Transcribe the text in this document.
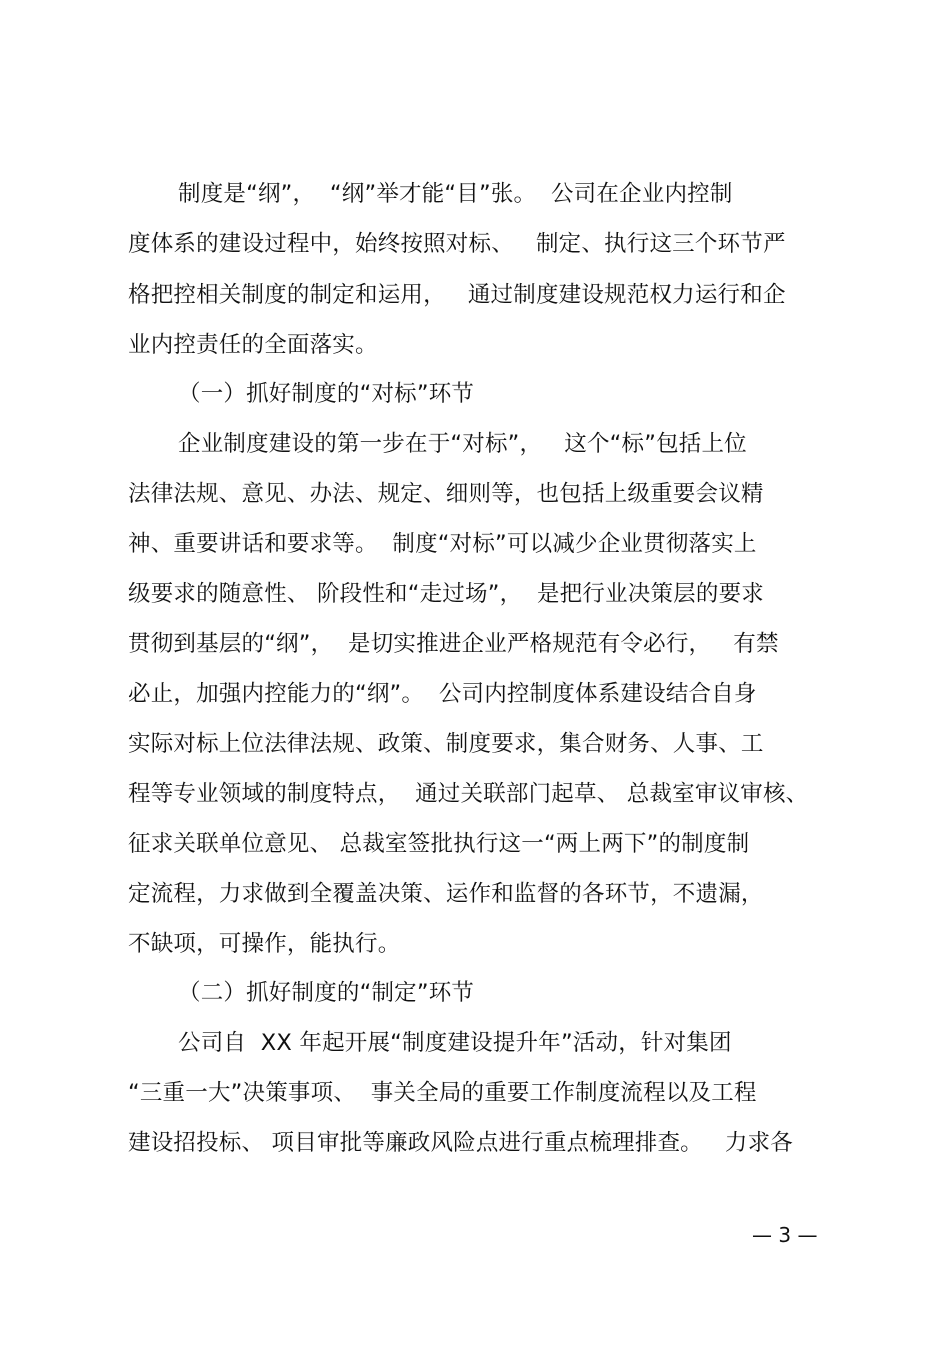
制度是“纲”，  “纲”举才能“目”张。  公司在企业内控制
度体系的建设过程中，始终按照对标、   制定、执行这三个环节严
格把控相关制度的制定和运用，   通过制度建设规范权力运行和企
业内控责任的全面落实。
（一）抓好制度的“对标”环节
企业制度建设的第一步在于“对标”，   这个“标”包括上位
法律法规、意见、办法、规定、细则等，也包括上级重要会议精
神、重要讲话和要求等。  制度“对标”可以减少企业贯彻落实上
级要求的随意性、 阶段性和“走过场”，  是把行业决策层的要求
贯彻到基层的“纲”，  是切实推进企业严格规范有令必行，   有禁
必止，加强内控能力的“纲”。  公司内控制度体系建设结合自身
实际对标上位法律法规、政策、制度要求，集合财务、人事、工
程等专业领域的制度特点，  通过关联部门起草、 总裁室审议审核、
征求关联单位意见、 总裁室签批执行这一“两上两下”的制度制
定流程，力求做到全覆盖决策、运作和监督的各环节，不遗漏，
不缺项，可操作，能执行。
（二）抓好制度的“制定”环节
公司自  XX 年起开展“制度建设提升年”活动，针对集团
“三重一大”决策事项、  事关全局的重要工作制度流程以及工程
建设招投标、 项目审批等廉政风险点进行重点梳理排查。   力求各
— 3 —
